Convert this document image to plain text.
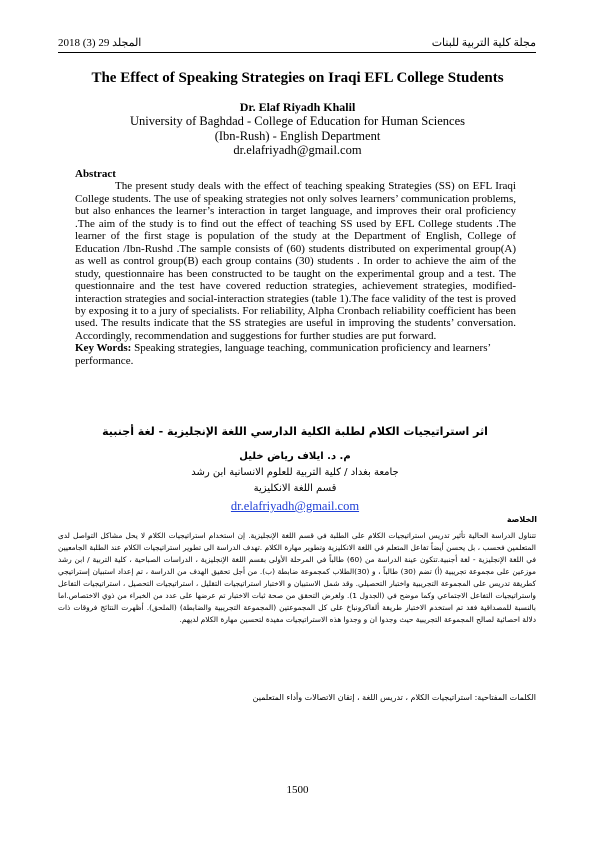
2018 (3) 29 المجلد	مجلة كلية التربية للبنات
The Effect of Speaking Strategies on Iraqi EFL College Students
Dr. Elaf Riyadh Khalil
University of Baghdad - College of Education for Human Sciences
(Ibn-Rush) - English Department
dr.elafriyadh@gmail.com
Abstract
The present study deals with the effect of teaching speaking Strategies (SS) on EFL Iraqi College students. The use of speaking strategies not only solves learners’ communication problems, but also enhances the learner’s interaction in target language, and improves their oral proficiency .The aim of the study is to find out the effect of teaching SS used by EFL College students .The learner of the first stage is population of the study at the Department of English, College of Education /Ibn-Rushd .The sample consists of (60) students distributed on experimental group(A) as well as control group(B) each group contains (30) students . In order to achieve the aim of the study, questionnaire has been constructed to be taught on the experimental group and a test. The questionnaire and the test have covered reduction strategies, achievement strategies, modified- interaction strategies and social-interaction strategies (table 1).The face validity of the test is proved by exposing it to a jury of specialists. For reliability, Alpha Cronbach reliability coefficient has been used. The results indicate that the SS strategies are useful in improving the students’ conversation. Accordingly, recommendation and suggestions for further studies are put forward.
Key Words: Speaking strategies, language teaching, communication proficiency and learners’ performance.
اثر استراتيجيات الكلام لطلبة الكلية الدارسي اللغة الإنجليزية - لغة أجنبية
م. د. ايلاف رياض خليل
جامعة بغداد / كلية التربية للعلوم الانسانية ابن رشد
قسم اللغة الانكليزية
dr.elafriyadh@gmail.com
الخلاصة
تتناول الدراسة الحالية تأثير تدريس استراتيجيات الكلام على الطلبة في قسم اللغة الإنجليزية. إن استخدام استراتيجيات الكلام لا يحل مشاكل التواصل لدى المتعلمين فحسب ، بل يحسن أيضاً تفاعل المتعلم في اللغة الانكليزية وتطوير مهارة الكلام .تهدف الدراسة الى تطوير استراتيجيات الكلام عند الطلبة الجامعيين في اللغة الإنجليزية - لغة أجنبية.تتكون عينة الدراسة من (60) طالباً في المرحلة الأولى بقسم اللغة الإنجليزية ، الدراسات الصباحية ، كلية التربية / ابن رشد موزعين على مجموعة تجريبية (أ) تضم (30) طالباً ، و (30)الطلاب كمجموعة ضابطة (ب). من أجل تحقيق الهدف من الدراسة ، تم إعداد استبيان إستراتيجي كطريقة تدريس على المجموعة التجريبية واختبار التحصيلي. وقد شمل الاستبيان و الاختبار استراتيجيات التقليل ، استراتيجيات التحصيل ، استراتيجيات التفاعل واستراتيجيات التفاعل الاجتماعي وكما موضح في (الجدول 1). ولغرض التحقق من صحة ثبات الاختبار تم عرضها على عدد من الخبراء من ذوي الاختصاص.اما بالنسبة للمصداقية فقد تم استخدم الاختبار طريقة ألفاكرونباخ على كل المجموعتين (المجموعة التجريبية والضابطة) (الملحق). أظهرت النتائج فروقات ذات دلالة احصائية لصالح المجموعة التجريبية حيث وجدوا ان و وجدوا هذه الاستراتيجيات مفيدة لتحسين مهارة الكلام لديهم.
الكلمات المفتاحية: استراتيجيات الكلام ، تدريس اللغة ، إتقان الاتصالات وأداء المتعلمين
1500
